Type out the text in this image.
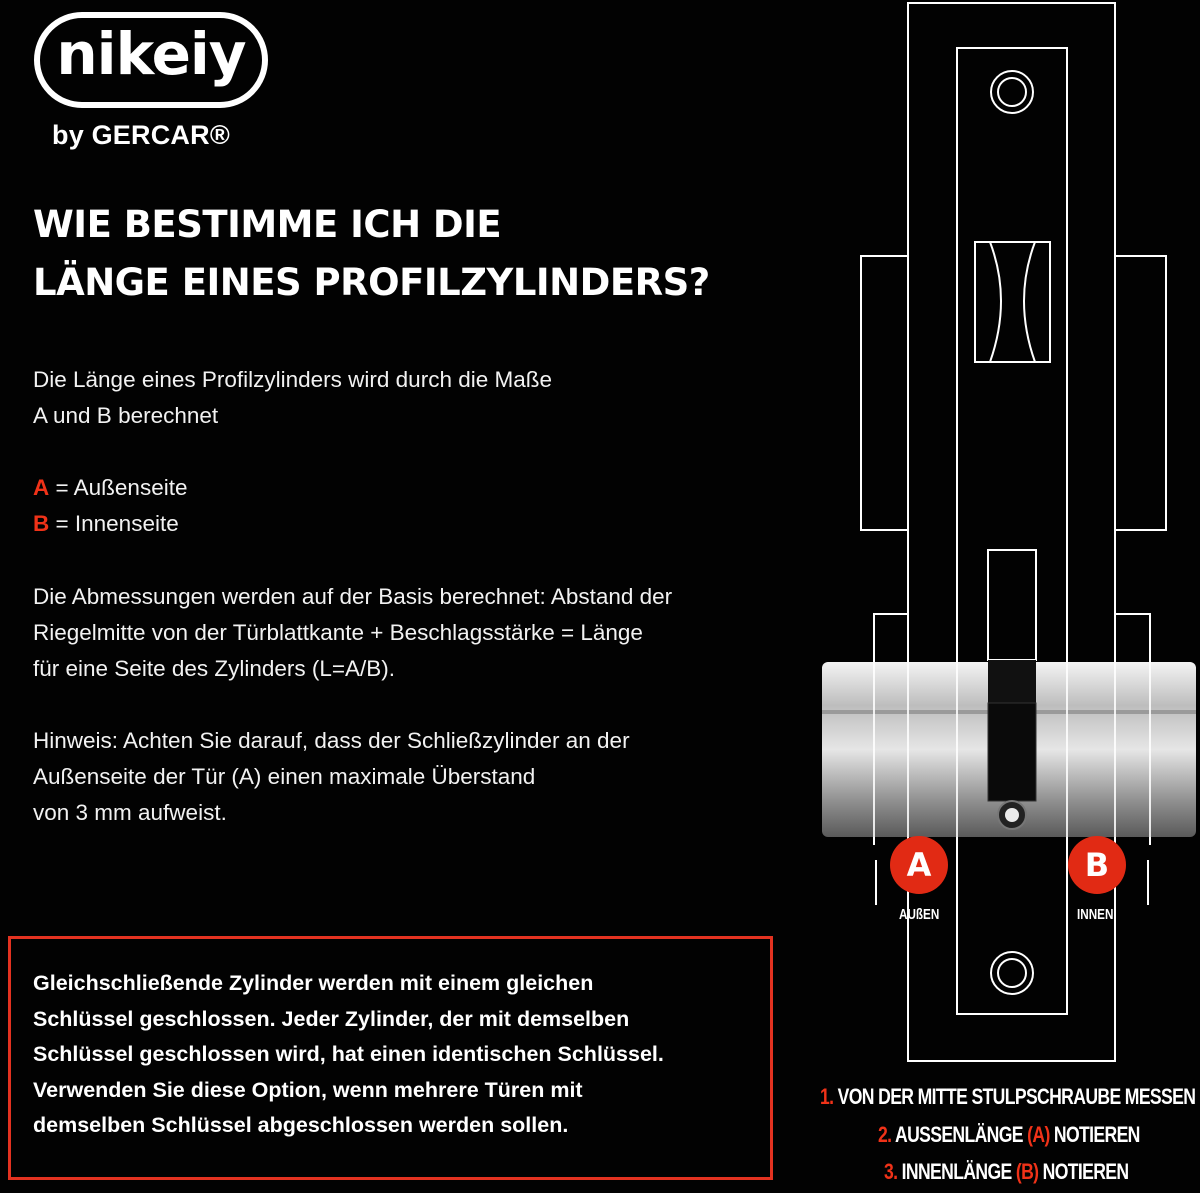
nikeiy
by GERCAR®
WIE BESTIMME ICH DIE
LÄNGE EINES PROFILZYLINDERS?
Die Länge eines Profilzylinders wird durch die Maße
A und B berechnet
A = Außenseite
B = Innenseite
Die Abmessungen werden auf der Basis berechnet: Abstand der
Riegelmitte von der Türblattkante + Beschlagsstärke = Länge
für eine Seite des Zylinders (L=A/B).
Hinweis: Achten Sie darauf, dass der Schließzylinder an der
Außenseite der Tür (A) einen maximale Überstand
von 3 mm aufweist.
Gleichschließende Zylinder werden mit einem gleichen
Schlüssel geschlossen. Jeder Zylinder, der mit demselben
Schlüssel geschlossen wird, hat einen identischen Schlüssel.
Verwenden Sie diese Option, wenn mehrere Türen mit
demselben Schlüssel abgeschlossen werden sollen.
A
AUßEN
B
INNEN
1. VON DER MITTE STULPSCHRAUBE MESSEN
2. AUSSENLÄNGE (A) NOTIEREN
3. INNENLÄNGE (B) NOTIEREN
